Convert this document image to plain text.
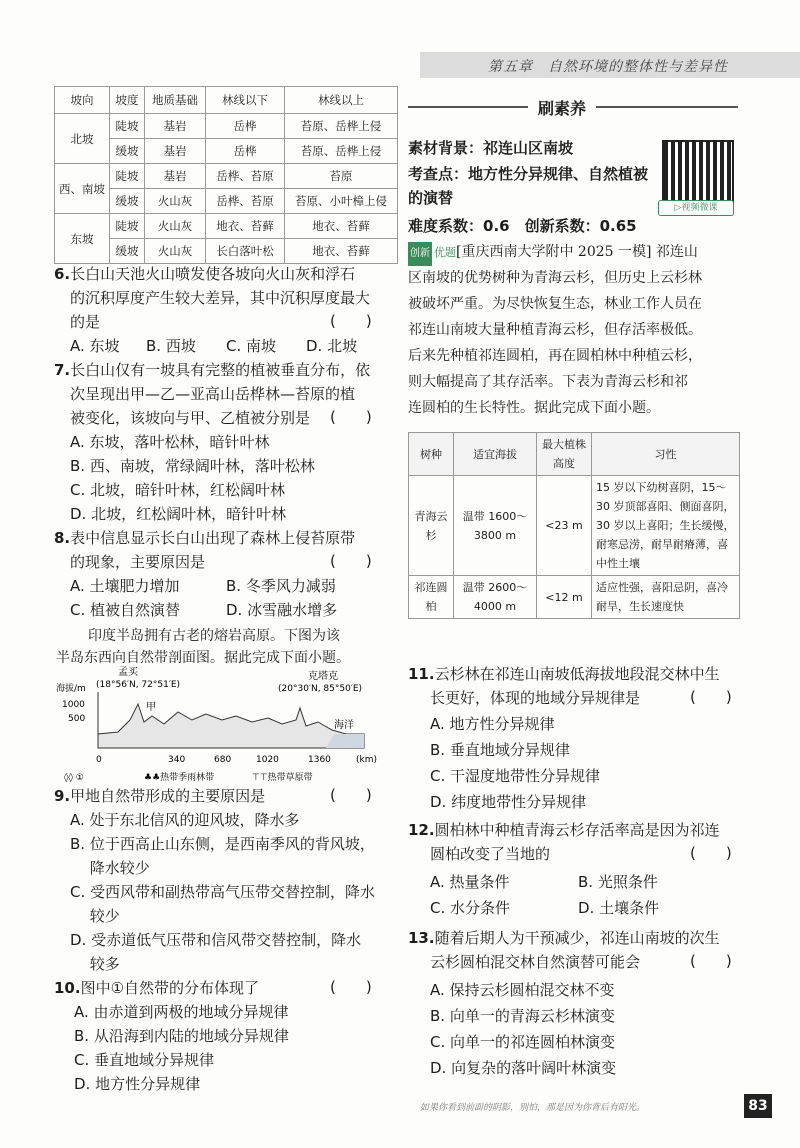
第五章　 自然环境的整体性与差异性
坡向	坡度	地质基础	林线以下	林线以上
北坡	陡坡	基岩	岳桦	苔原、岳桦上侵
	缓坡	基岩	岳桦	苔原、岳桦上侵
西、南坡	陡坡	基岩	岳桦、苔原	苔原
	缓坡	火山灰	岳桦、苔原	苔原、小叶樟上侵
东坡	陡坡	火山灰	地衣、苔藓	地衣、苔藓
	缓坡	火山灰	长白落叶松	地衣、苔藓
6.长白山天池火山喷发使各坡向火山灰和浮石
的沉积厚度产生较大差异，其中沉积厚度最大
的是	(　　)
A. 东坡 B. 西坡 C. 南坡 D. 北坡
7.长白山仅有一坡具有完整的植被垂直分布，依
次呈现出甲—乙—亚高山岳桦林—苔原的植
被变化，该坡向与甲、乙植被分别是 (　　)
A. 东坡，落叶松林，暗针叶林
B. 西、南坡，常绿阔叶林，落叶松林
C. 北坡，暗针叶林，红松阔叶林
D. 北坡，红松阔叶林，暗针叶林
8.表中信息显示长白山出现了森林上侵苔原带
的现象，主要原因是	(　　)
A. 土壤肥力增加	B. 冬季风力减弱
C. 植被自然演替	D. 冰雪融水增多
印度半岛拥有古老的熔岩高原。下图为该
半岛东西向自然带剖面图。据此完成下面小题。
孟买
(18°56′N, 72°51′E)
克塔克
(20°30′N, 85°50′E)
海拔/m
1000
500
甲
海洋
0	340	680	1020	1360	(km)
◊◊ ①	♣♣热带季雨林带	⊤⊤热带草原带
9.甲地自然带形成的主要原因是	(　　)
A. 处于东北信风的迎风坡，降水多
B. 位于西高止山东侧，是西南季风的背风坡，
　 降水较少
C. 受西风带和副热带高气压带交替控制，降水
　 较少
D. 受赤道低气压带和信风带交替控制，降水
　 较多
10.图中①自然带的分布体现了	(　　)
A. 由赤道到两极的地域分异规律
B. 从沿海到内陆的地域分异规律
C. 垂直地域分异规律
D. 地方性分异规律
刷素养
素材背景：祁连山区南坡
考查点：地方性分异规律、自然植被
的演替
难度系数：0.6　创新系数：0.65
▷视频微课
创新 优题[重庆西南大学附中 2025 一模] 祁连山
区南坡的优势树种为青海云杉，但历史上云杉林
被破坏严重。为尽快恢复生态，林业工作人员在
祁连山南坡大量种植青海云杉，但存活率极低。
后来先种植祁连圆柏，再在圆柏林中种植云杉，
则大幅提高了其存活率。下表为青海云杉和祁
连圆柏的生长特性。据此完成下面小题。
树种	适宜海拔	最大植株高度	习性
青海云杉	温带 1600～3800 m	<23 m	15 岁以下幼树喜阴，15～30 岁顶部喜阳、侧面喜阴，30 岁以上喜阳；生长缓慢，耐寒忌涝，耐旱耐瘠薄，喜中性土壤
祁连圆柏	温带 2600～4000 m	<12 m	适应性强，喜阳忌阴，喜冷耐旱，生长速度快
11.云杉林在祁连山南坡低海拔地段混交林中生
长更好，体现的地域分异规律是	(　　)
A. 地方性分异规律
B. 垂直地域分异规律
C. 干湿度地带性分异规律
D. 纬度地带性分异规律
12.圆柏林中种植青海云杉存活率高是因为祁连
圆柏改变了当地的	(　　)
A. 热量条件	B. 光照条件
C. 水分条件	D. 土壤条件
13.随着后期人为干预减少，祁连山南坡的次生
云杉圆柏混交林自然演替可能会	(　　)
A. 保持云杉圆柏混交林不变
B. 向单一的青海云杉林演变
C. 向单一的祁连圆柏林演变
D. 向复杂的落叶阔叶林演变
如果你看到前面的阴影，别怕，那是因为你背后有阳光。	83
